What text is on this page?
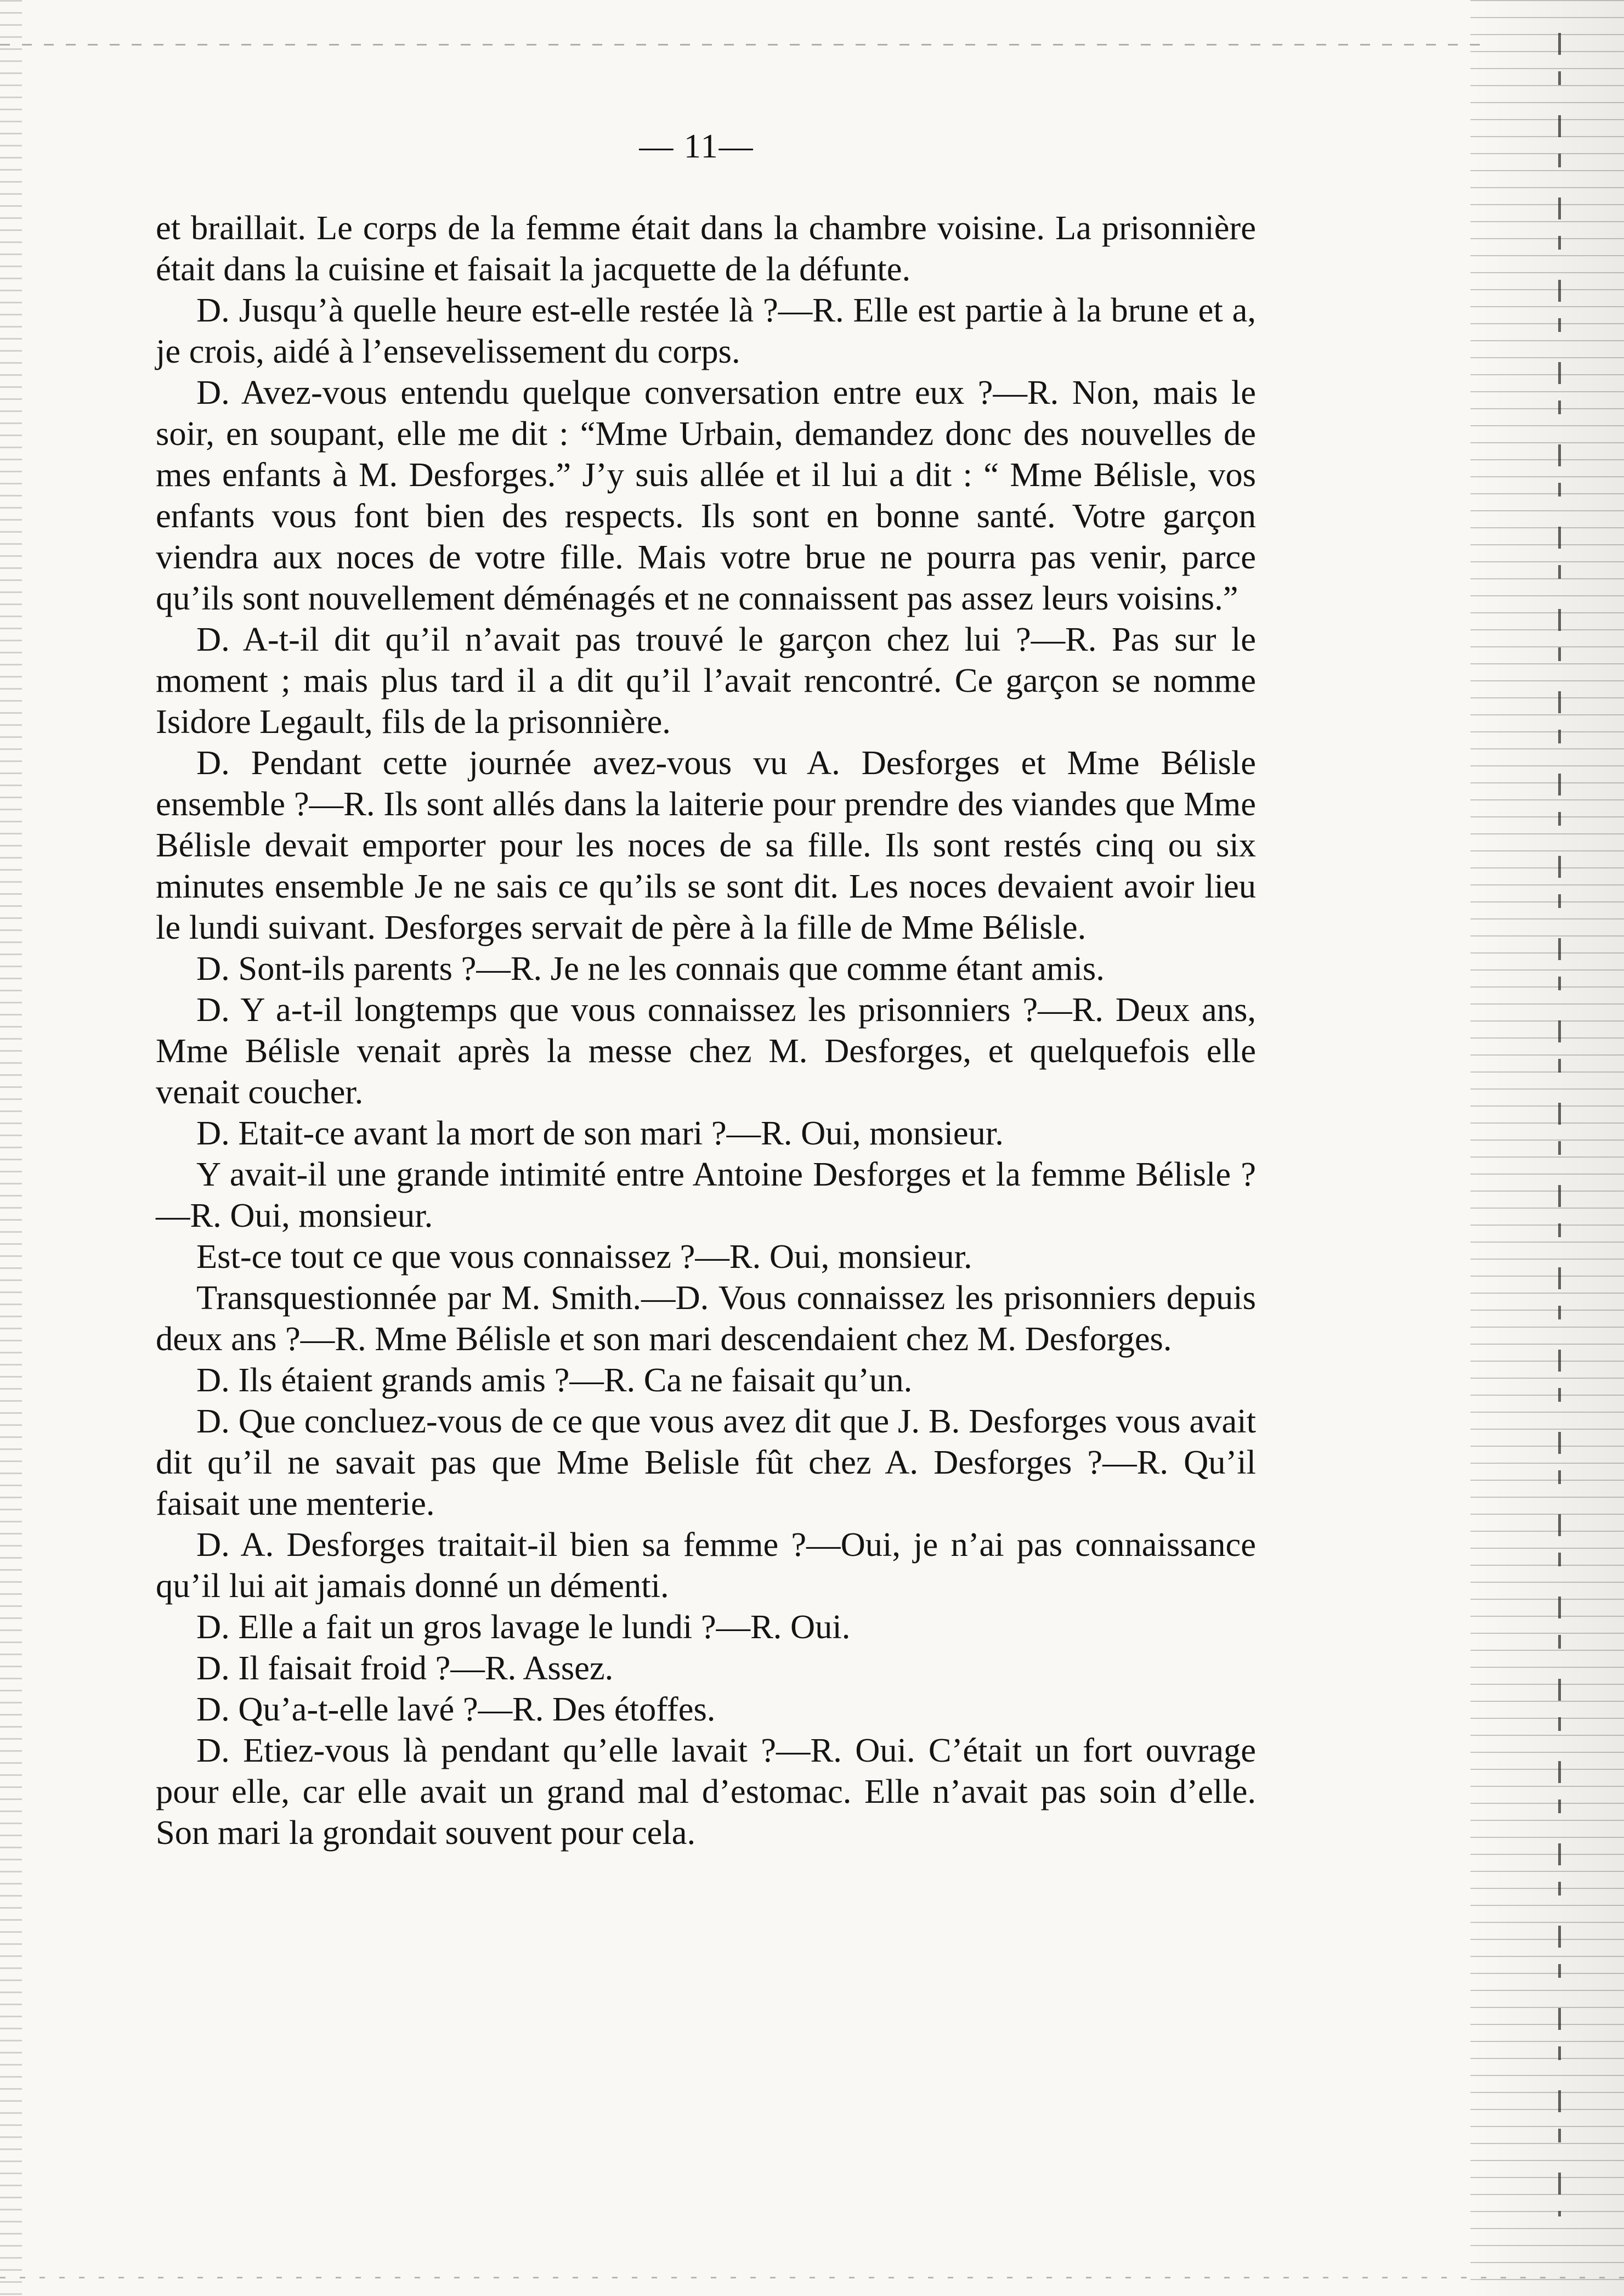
— 11—

et braillait. Le corps de la femme était dans la chambre voisine. La prisonnière était dans la cuisine et faisait la jacquette de la défunte.

D. Jusqu’à quelle heure est-elle restée là ?—R. Elle est partie à la brune et a, je crois, aidé à l’ensevelissement du corps.

D. Avez-vous entendu quelque conversation entre eux ?—R. Non, mais le soir, en soupant, elle me dit : “Mme Urbain, demandez donc des nouvelles de mes enfants à M. Desforges.” J’y suis allée et il lui a dit : “ Mme Bélisle, vos enfants vous font bien des respects. Ils sont en bonne santé. Votre garçon viendra aux noces de votre fille. Mais votre brue ne pourra pas venir, parce qu’ils sont nouvellement déménagés et ne connaissent pas assez leurs voisins.”

D. A-t-il dit qu’il n’avait pas trouvé le garçon chez lui ?—R. Pas sur le moment ; mais plus tard il a dit qu’il l’avait rencontré. Ce garçon se nomme Isidore Legault, fils de la prisonnière.

D. Pendant cette journée avez-vous vu A. Desforges et Mme Bélisle ensemble ?—R. Ils sont allés dans la laiterie pour prendre des viandes que Mme Bélisle devait emporter pour les noces de sa fille. Ils sont restés cinq ou six minutes ensemble Je ne sais ce qu’ils se sont dit. Les noces devaient avoir lieu le lundi suivant. Desforges servait de père à la fille de Mme Bélisle.

D. Sont-ils parents ?—R. Je ne les connais que comme étant amis.

D. Y a-t-il longtemps que vous connaissez les prisonniers ?—R. Deux ans, Mme Bélisle venait après la messe chez M. Desforges, et quelquefois elle venait coucher.

D. Etait-ce avant la mort de son mari ?—R. Oui, monsieur.

Y avait-il une grande intimité entre Antoine Desforges et la femme Bélisle ?—R. Oui, monsieur.

Est-ce tout ce que vous connaissez ?—R. Oui, monsieur.

Transquestionnée par M. Smith.—D. Vous connaissez les prisonniers depuis deux ans ?—R. Mme Bélisle et son mari descendaient chez M. Desforges.

D. Ils étaient grands amis ?—R. Ca ne faisait qu’un.

D. Que concluez-vous de ce que vous avez dit que J. B. Desforges vous avait dit qu’il ne savait pas que Mme Belisle fût chez A. Desforges ?—R. Qu’il faisait une menterie.

D. A. Desforges traitait-il bien sa femme ?—Oui, je n’ai pas connaissance qu’il lui ait jamais donné un démenti.

D. Elle a fait un gros lavage le lundi ?—R. Oui.

D. Il faisait froid ?—R. Assez.

D. Qu’a-t-elle lavé ?—R. Des étoffes.

D. Etiez-vous là pendant qu’elle lavait ?—R. Oui. C’était un fort ouvrage pour elle, car elle avait un grand mal d’estomac. Elle n’avait pas soin d’elle. Son mari la grondait souvent pour cela.
